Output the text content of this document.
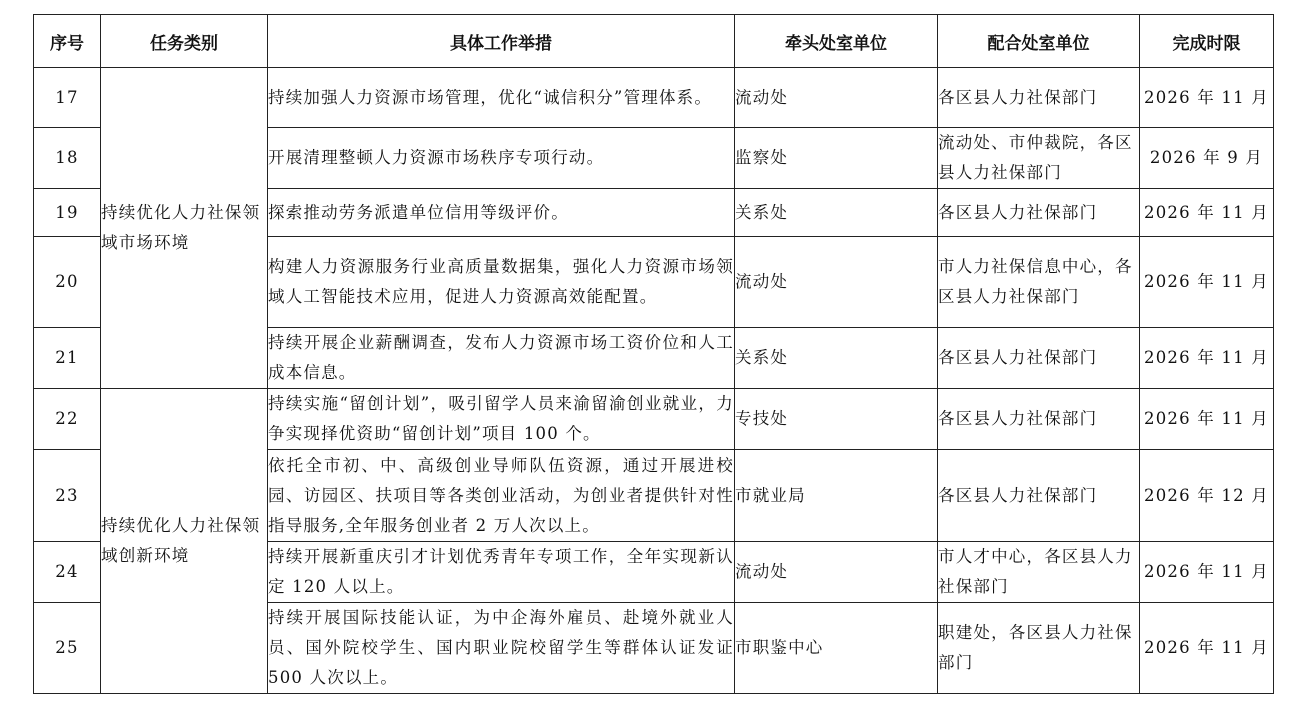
序号	任务类别	具体工作举措	牵头处室单位	配合处室单位	完成时限
17	持续优化人力社保领域市场环境	持续加强人力资源市场管理，优化“诚信积分”管理体系。	流动处	各区县人力社保部门	2026 年 11 月
18		开展清理整顿人力资源市场秩序专项行动。	监察处	流动处、市仲裁院，各区县人力社保部门	2026 年 9 月
19		探索推动劳务派遣单位信用等级评价。	关系处	各区县人力社保部门	2026 年 11 月
20		构建人力资源服务行业高质量数据集，强化人力资源市场领域人工智能技术应用，促进人力资源高效能配置。	流动处	市人力社保信息中心，各区县人力社保部门	2026 年 11 月
21		持续开展企业薪酬调查，发布人力资源市场工资价位和人工成本信息。	关系处	各区县人力社保部门	2026 年 11 月
22	持续优化人力社保领域创新环境	持续实施“留创计划”，吸引留学人员来渝留渝创业就业，力争实现择优资助“留创计划”项目 100 个。	专技处	各区县人力社保部门	2026 年 11 月
23		依托全市初、中、高级创业导师队伍资源，通过开展进校园、访园区、扶项目等各类创业活动，为创业者提供针对性指导服务,全年服务创业者 2 万人次以上。	市就业局	各区县人力社保部门	2026 年 12 月
24		持续开展新重庆引才计划优秀青年专项工作，全年实现新认定 120 人以上。	流动处	市人才中心，各区县人力社保部门	2026 年 11 月
25		持续开展国际技能认证，为中企海外雇员、赴境外就业人员、国外院校学生、国内职业院校留学生等群体认证发证 500 人次以上。	市职鉴中心	职建处，各区县人力社保部门	2026 年 11 月
